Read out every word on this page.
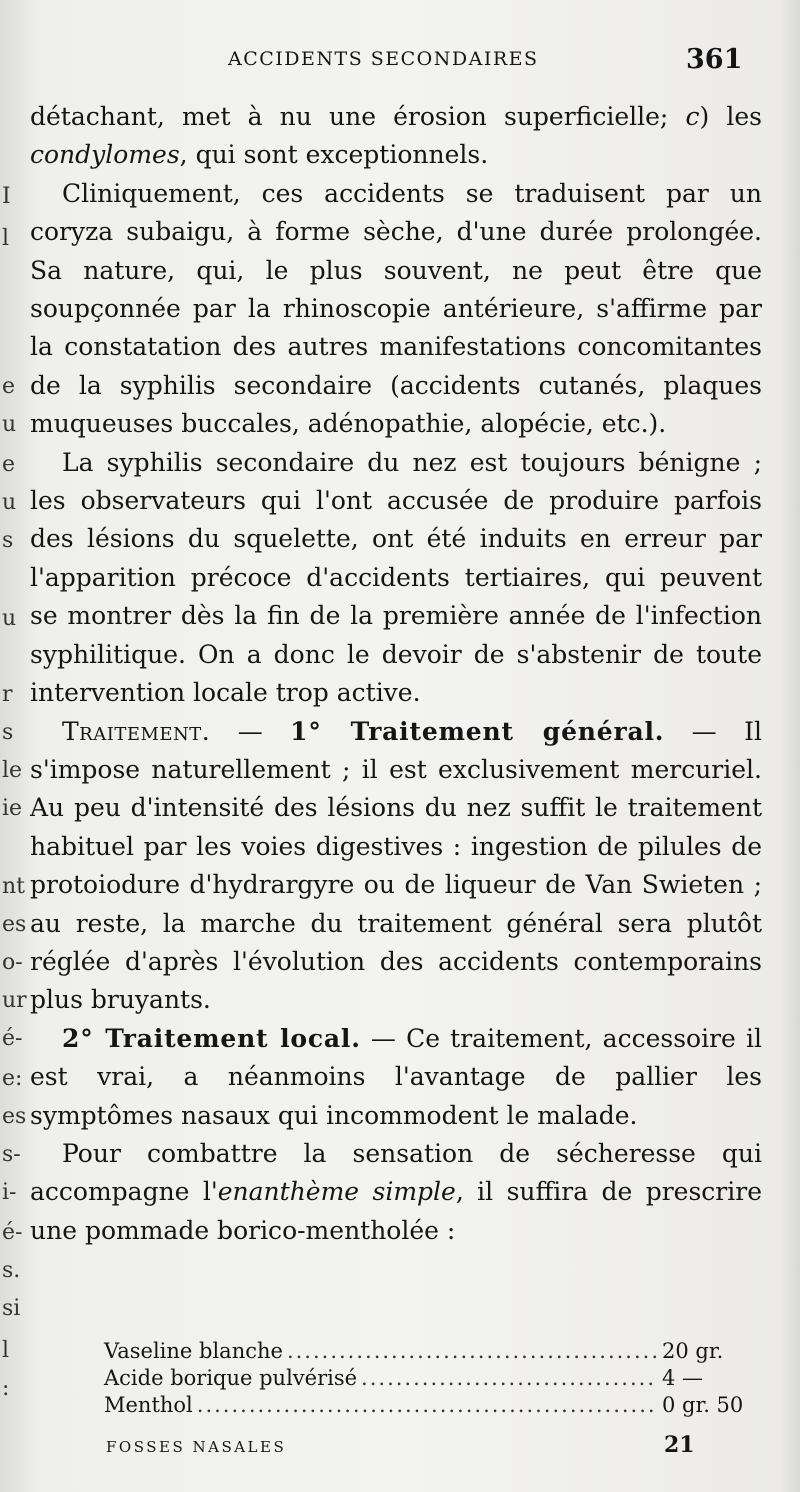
ACCIDENTS SECONDAIRES	361
I
l
e
u
e
u
s
u
r
s
le
ie
nt
es
o-
ur
é-
e:
es
s-
i-
é-
s.
si
l
:

détachant, met à nu une érosion superficielle; c) les condylomes, qui sont exceptionnels.

Cliniquement, ces accidents se traduisent par un coryza subaigu, à forme sèche, d'une durée prolongée. Sa nature, qui, le plus souvent, ne peut être que soupçonnée par la rhinoscopie antérieure, s'affirme par la constatation des autres manifestations concomitantes de la syphilis secondaire (accidents cutanés, plaques muqueuses buccales, adénopathie, alopécie, etc.).

La syphilis secondaire du nez est toujours bénigne ; les observateurs qui l'ont accusée de produire parfois des lésions du squelette, ont été induits en erreur par l'apparition précoce d'accidents tertiaires, qui peuvent se montrer dès la fin de la première année de l'infection syphilitique. On a donc le devoir de s'abstenir de toute intervention locale trop active.

Traitement. — 1° Traitement général. — Il s'impose naturellement ; il est exclusivement mercuriel. Au peu d'intensité des lésions du nez suffit le traitement habituel par les voies digestives : ingestion de pilules de protoiodure d'hydrargyre ou de liqueur de Van Swieten ; au reste, la marche du traitement général sera plutôt réglée d'après l'évolution des accidents contemporains plus bruyants.

2° Traitement local. — Ce traitement, accessoire il est vrai, a néanmoins l'avantage de pallier les symptômes nasaux qui incommodent le malade.

Pour combattre la sensation de sécheresse qui accompagne l'enanthème simple, il suffira de prescrire une pommade borico-mentholée :

Vaseline blanche .....	20 gr.
Acide borique pulvérisé .....	4 —
Menthol .....	0 gr. 50
FOSSES NASALES	21
